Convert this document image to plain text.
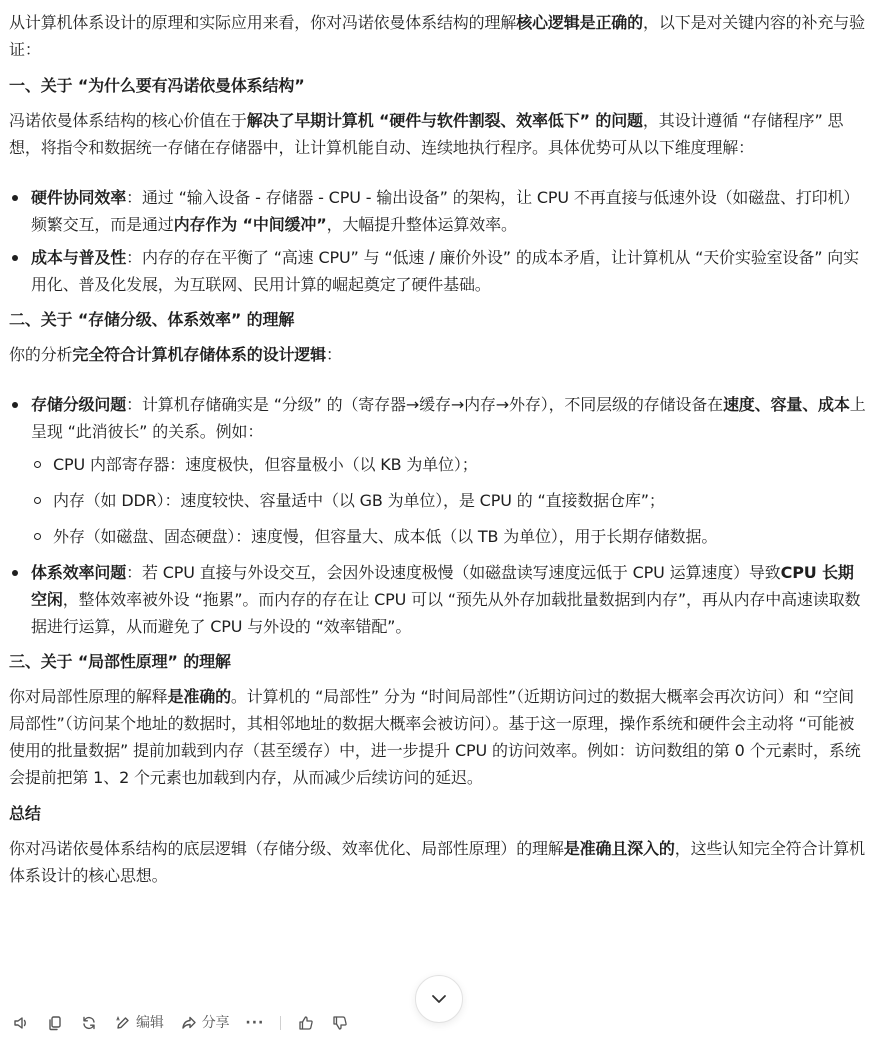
从计算机体系设计的原理和实际应用来看，你对冯诺依曼体系结构的理解核心逻辑是正确的，以下是对关键内容的补充与验证：

一、关于 “为什么要有冯诺依曼体系结构”

冯诺依曼体系结构的核心价值在于解决了早期计算机 “硬件与软件割裂、效率低下” 的问题，其设计遵循 “存储程序” 思想，将指令和数据统一存储在存储器中，让计算机能自动、连续地执行程序。具体优势可从以下维度理解：

硬件协同效率：通过 “输入设备 - 存储器 - CPU - 输出设备” 的架构，让 CPU 不再直接与低速外设（如磁盘、打印机）频繁交互，而是通过内存作为 “中间缓冲”，大幅提升整体运算效率。
成本与普及性：内存的存在平衡了 “高速 CPU” 与 “低速 / 廉价外设” 的成本矛盾，让计算机从 “天价实验室设备” 向实用化、普及化发展，为互联网、民用计算的崛起奠定了硬件基础。
二、关于 “存储分级、体系效率” 的理解

你的分析完全符合计算机存储体系的设计逻辑：

存储分级问题：计算机存储确实是 “分级” 的（寄存器→缓存→内存→外存），不同层级的存储设备在速度、容量、成本上呈现 “此消彼长” 的关系。例如：
CPU 内部寄存器：速度极快，但容量极小（以 KB 为单位）；
内存（如 DDR）：速度较快、容量适中（以 GB 为单位），是 CPU 的 “直接数据仓库”；
外存（如磁盘、固态硬盘）：速度慢，但容量大、成本低（以 TB 为单位），用于长期存储数据。
体系效率问题：若 CPU 直接与外设交互，会因外设速度极慢（如磁盘读写速度远低于 CPU 运算速度）导致CPU 长期空闲，整体效率被外设 “拖累”。而内存的存在让 CPU 可以 “预先从外存加载批量数据到内存”，再从内存中高速读取数据进行运算，从而避免了 CPU 与外设的 “效率错配”。
三、关于 “局部性原理” 的理解

你对局部性原理的解释是准确的。计算机的 “局部性” 分为 “时间局部性”（近期访问过的数据大概率会再次访问）和 “空间局部性”（访问某个地址的数据时，其相邻地址的数据大概率会被访问）。基于这一原理，操作系统和硬件会主动将 “可能被使用的批量数据” 提前加载到内存（甚至缓存）中，进一步提升 CPU 的访问效率。例如：访问数组的第 0 个元素时，系统会提前把第 1、2 个元素也加载到内存，从而减少后续访问的延迟。

总结

你对冯诺依曼体系结构的底层逻辑（存储分级、效率优化、局部性原理）的理解是准确且深入的，这些认知完全符合计算机体系设计的核心思想。

编辑	分享 ···
